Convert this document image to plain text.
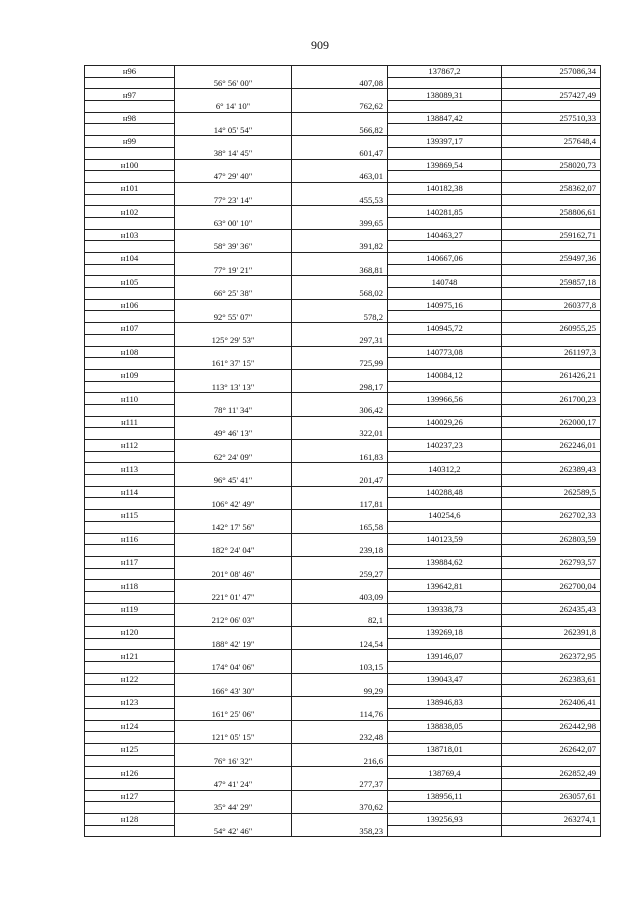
909
н96			137867,2	257086,34
	56° 56' 00"	407,08		
н97			138089,31	257427,49
	6° 14' 10"	762,62		
н98			138847,42	257510,33
	14° 05' 54"	566,82		
н99			139397,17	257648,4
	38° 14' 45"	601,47		
н100			139869,54	258020,73
	47° 29' 40"	463,01		
н101			140182,38	258362,07
	77° 23' 14"	455,53		
н102			140281,85	258806,61
	63° 00' 10"	399,65		
н103			140463,27	259162,71
	58° 39' 36"	391,82		
н104			140667,06	259497,36
	77° 19' 21"	368,81		
н105			140748	259857,18
	66° 25' 38"	568,02		
н106			140975,16	260377,8
	92° 55' 07"	578,2		
н107			140945,72	260955,25
	125° 29' 53"	297,31		
н108			140773,08	261197,3
	161° 37' 15"	725,99		
н109			140084,12	261426,21
	113° 13' 13"	298,17		
н110			139966,56	261700,23
	78° 11' 34"	306,42		
н111			140029,26	262000,17
	49° 46' 13"	322,01		
н112			140237,23	262246,01
	62° 24' 09"	161,83		
н113			140312,2	262389,43
	96° 45' 41"	201,47		
н114			140288,48	262589,5
	106° 42' 49"	117,81		
н115			140254,6	262702,33
	142° 17' 56"	165,58		
н116			140123,59	262803,59
	182° 24' 04"	239,18		
н117			139884,62	262793,57
	201° 08' 46"	259,27		
н118			139642,81	262700,04
	221° 01' 47"	403,09		
н119			139338,73	262435,43
	212° 06' 03"	82,1		
н120			139269,18	262391,8
	188° 42' 19"	124,54		
н121			139146,07	262372,95
	174° 04' 06"	103,15		
н122			139043,47	262383,61
	166° 43' 30"	99,29		
н123			138946,83	262406,41
	161° 25' 06"	114,76		
н124			138838,05	262442,98
	121° 05' 15"	232,48		
н125			138718,01	262642,07
	76° 16' 32"	216,6		
н126			138769,4	262852,49
	47° 41' 24"	277,37		
н127			138956,11	263057,61
	35° 44' 29"	370,62		
н128			139256,93	263274,1
	54° 42' 46"	358,23		
